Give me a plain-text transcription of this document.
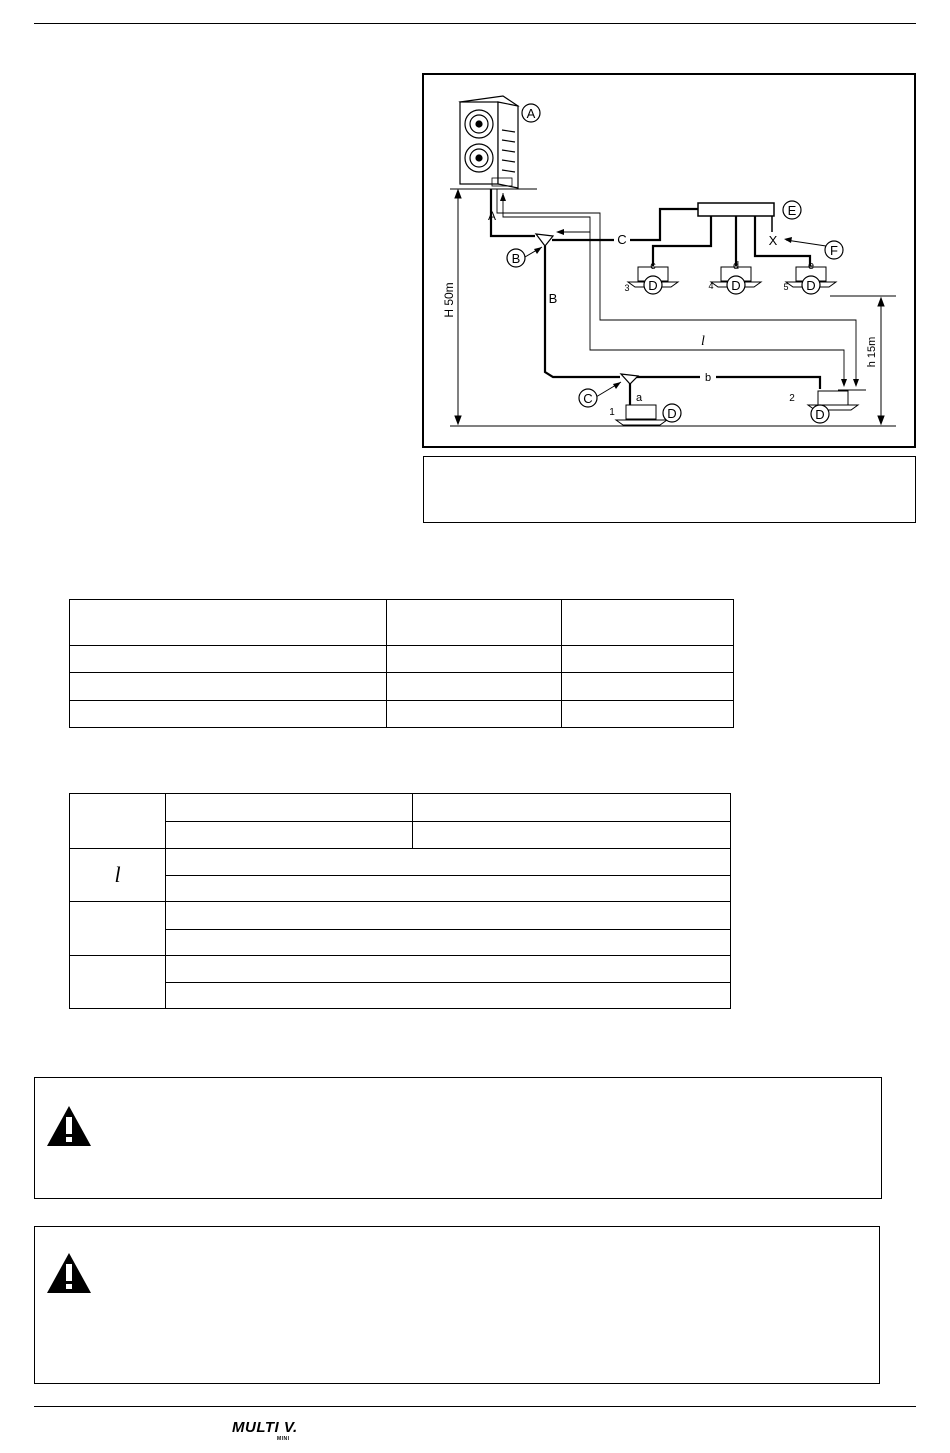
A
B
C
E
F
D	D
D	D	D
A
B
C
b
a
c	d	e
X
1
2
3	4	5
l
H 50m
h 15m

l		

MULTI V.
MINI
